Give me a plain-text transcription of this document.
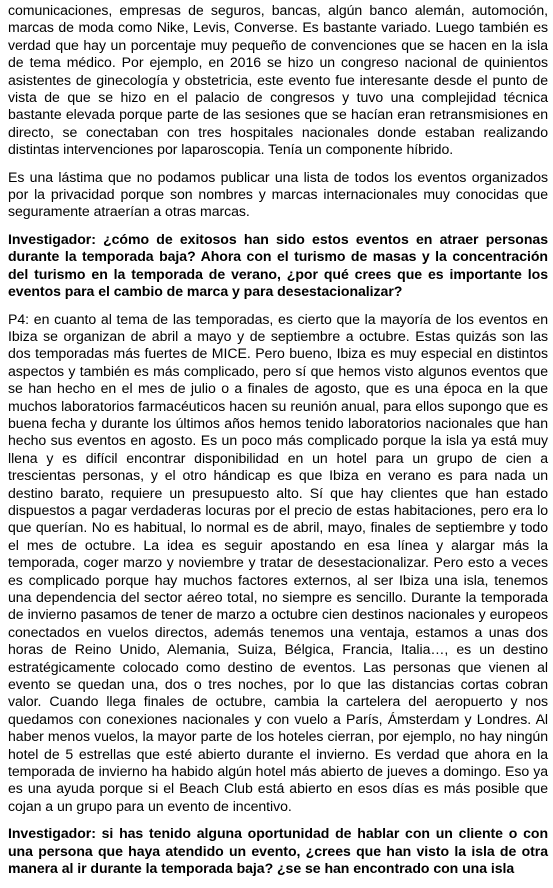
comunicaciones, empresas de seguros, bancas, algún banco alemán, automoción, marcas de moda como Nike, Levis, Converse. Es bastante variado. Luego también es verdad que hay un porcentaje muy pequeño de convenciones que se hacen en la isla de tema médico. Por ejemplo, en 2016 se hizo un congreso nacional de quinientos asistentes de ginecología y obstetricia, este evento fue interesante desde el punto de vista de que se hizo en el palacio de congresos y tuvo una complejidad técnica bastante elevada porque parte de las sesiones que se hacían eran retransmisiones en directo, se conectaban con tres hospitales nacionales donde estaban realizando distintas intervenciones por laparoscopia. Tenía un componente híbrido.

Es una lástima que no podamos publicar una lista de todos los eventos organizados por la privacidad porque son nombres y marcas internacionales muy conocidas que seguramente atraerían a otras marcas.

Investigador: ¿cómo de exitosos han sido estos eventos en atraer personas durante la temporada baja? Ahora con el turismo de masas y la concentración del turismo en la temporada de verano, ¿por qué crees que es importante los eventos para el cambio de marca y para desestacionalizar?

P4: en cuanto al tema de las temporadas, es cierto que la mayoría de los eventos en Ibiza se organizan de abril a mayo y de septiembre a octubre. Estas quizás son las dos temporadas más fuertes de MICE. Pero bueno, Ibiza es muy especial en distintos aspectos y también es más complicado, pero sí que hemos visto algunos eventos que se han hecho en el mes de julio o a finales de agosto, que es una época en la que muchos laboratorios farmacéuticos hacen su reunión anual, para ellos supongo que es buena fecha y durante los últimos años hemos tenido laboratorios nacionales que han hecho sus eventos en agosto. Es un poco más complicado porque la isla ya está muy llena y es difícil encontrar disponibilidad en un hotel para un grupo de cien a trescientas personas, y el otro hándicap es que Ibiza en verano es para nada un destino barato, requiere un presupuesto alto. Sí que hay clientes que han estado dispuestos a pagar verdaderas locuras por el precio de estas habitaciones, pero era lo que querían. No es habitual, lo normal es de abril, mayo, finales de septiembre y todo el mes de octubre. La idea es seguir apostando en esa línea y alargar más la temporada, coger marzo y noviembre y tratar de desestacionalizar. Pero esto a veces es complicado porque hay muchos factores externos, al ser Ibiza una isla, tenemos una dependencia del sector aéreo total, no siempre es sencillo. Durante la temporada de invierno pasamos de tener de marzo a octubre cien destinos nacionales y europeos conectados en vuelos directos, además tenemos una ventaja, estamos a unas dos horas de Reino Unido, Alemania, Suiza, Bélgica, Francia, Italia…, es un destino estratégicamente colocado como destino de eventos. Las personas que vienen al evento se quedan una, dos o tres noches, por lo que las distancias cortas cobran valor. Cuando llega finales de octubre, cambia la cartelera del aeropuerto y nos quedamos con conexiones nacionales y con vuelo a París, Ámsterdam y Londres. Al haber menos vuelos, la mayor parte de los hoteles cierran, por ejemplo, no hay ningún hotel de 5 estrellas que esté abierto durante el invierno. Es verdad que ahora en la temporada de invierno ha habido algún hotel más abierto de jueves a domingo. Eso ya es una ayuda porque si el Beach Club está abierto en esos días es más posible que cojan a un grupo para un evento de incentivo.

Investigador: si has tenido alguna oportunidad de hablar con un cliente o con una persona que haya atendido un evento, ¿crees que han visto la isla de otra manera al ir durante la temporada baja? ¿se se han encontrado con una isla
